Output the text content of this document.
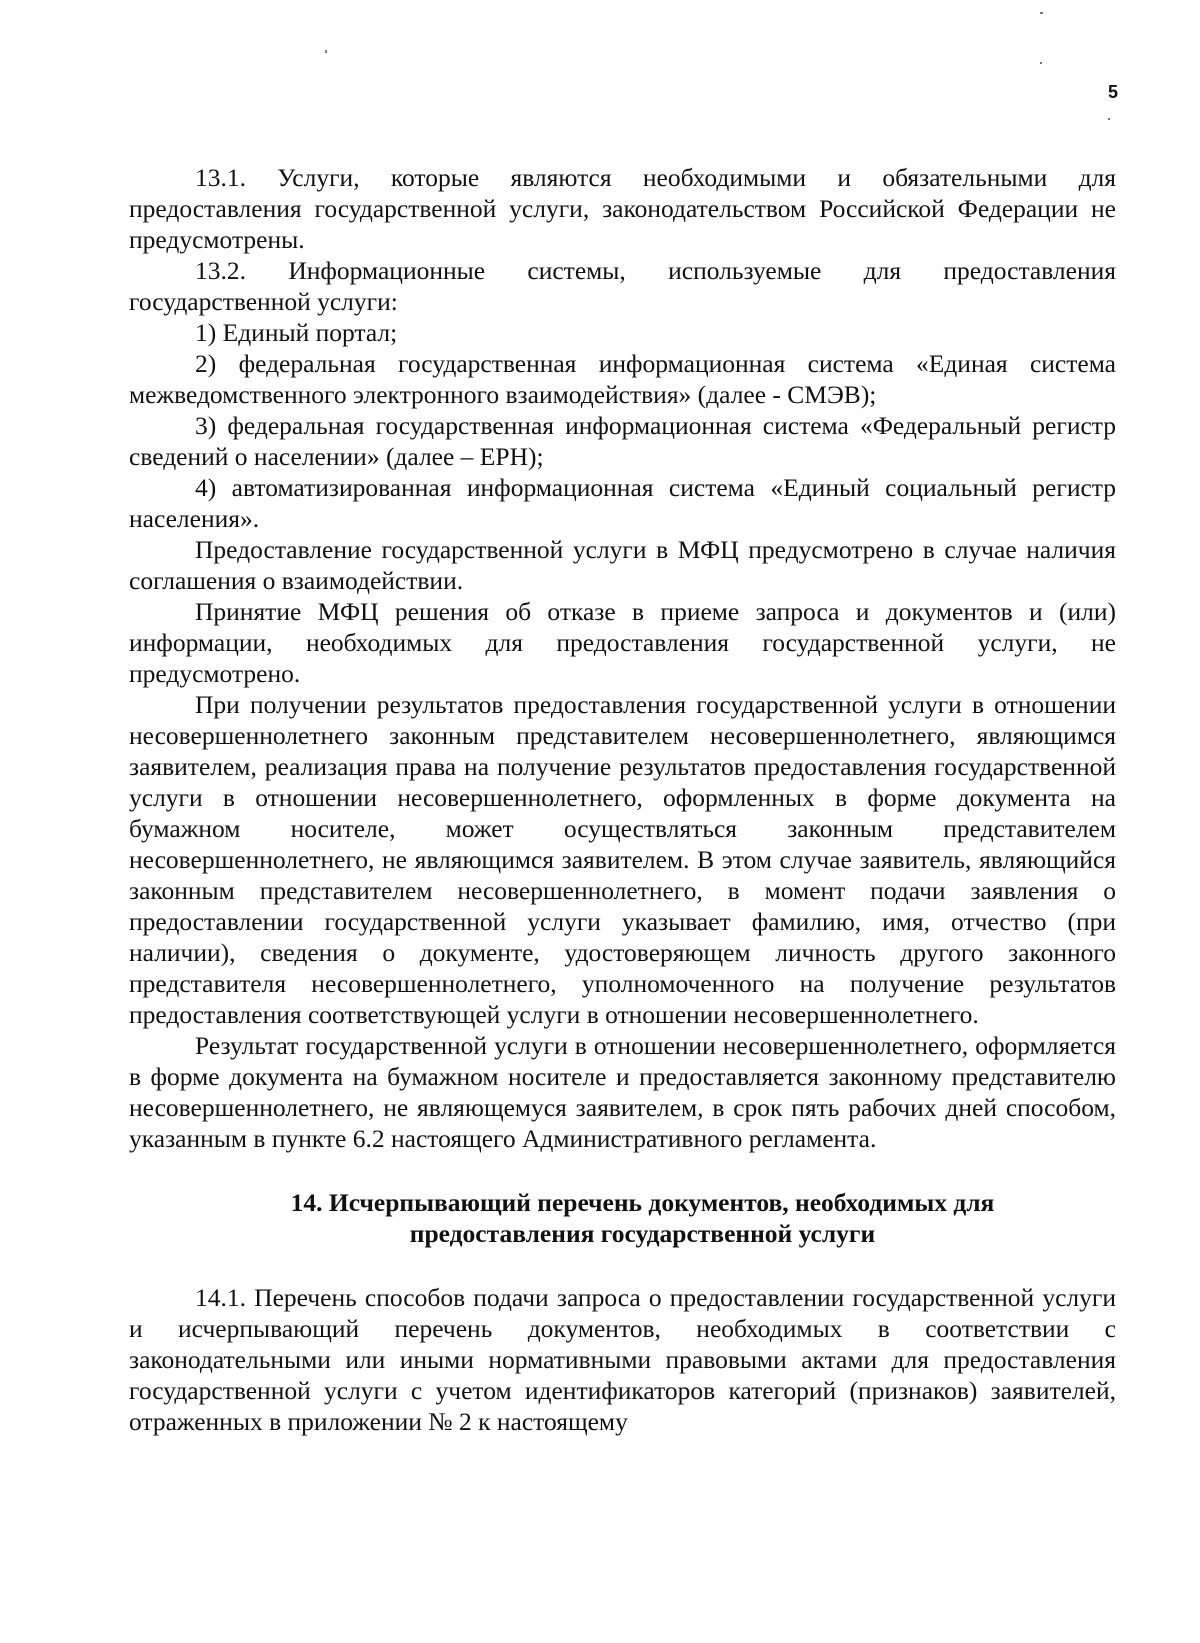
5

13.1. Услуги, которые являются необходимыми и обязательными для предоставления государственной услуги, законодательством Российской Федерации не предусмотрены.

13.2. Информационные системы, используемые для предоставления государственной услуги:

1) Единый портал;

2) федеральная государственная информационная система «Единая система межведомственного электронного взаимодействия» (далее - СМЭВ);

3) федеральная государственная информационная система «Федеральный регистр сведений о населении» (далее – ЕРН);

4) автоматизированная информационная система «Единый социальный регистр населения».

Предоставление государственной услуги в МФЦ предусмотрено в случае наличия соглашения о взаимодействии.

Принятие МФЦ решения об отказе в приеме запроса и документов и (или) информации, необходимых для предоставления государственной услуги, не предусмотрено.

При получении результатов предоставления государственной услуги в отношении несовершеннолетнего законным представителем несовершеннолетнего, являющимся заявителем, реализация права на получение результатов предоставления государственной услуги в отношении несовершеннолетнего, оформленных в форме документа на бумажном носителе, может осуществляться законным представителем несовершеннолетнего, не являющимся заявителем. В этом случае заявитель, являющийся законным представителем несовершеннолетнего, в момент подачи заявления о предоставлении государственной услуги указывает фамилию, имя, отчество (при наличии), сведения о документе, удостоверяющем личность другого законного представителя несовершеннолетнего, уполномоченного на получение результатов предоставления соответствующей услуги в отношении несовершеннолетнего.

Результат государственной услуги в отношении несовершеннолетнего, оформляется в форме документа на бумажном носителе и предоставляется законному представителю несовершеннолетнего, не являющемуся заявителем, в срок пять рабочих дней способом, указанным в пункте 6.2 настоящего Административного регламента.

14. Исчерпывающий перечень документов, необходимых для предоставления государственной услуги

14.1. Перечень способов подачи запроса о предоставлении государственной услуги и исчерпывающий перечень документов, необходимых в соответствии с законодательными или иными нормативными правовыми актами для предоставления государственной услуги с учетом идентификаторов категорий (признаков) заявителей, отраженных в приложении № 2 к настоящему
